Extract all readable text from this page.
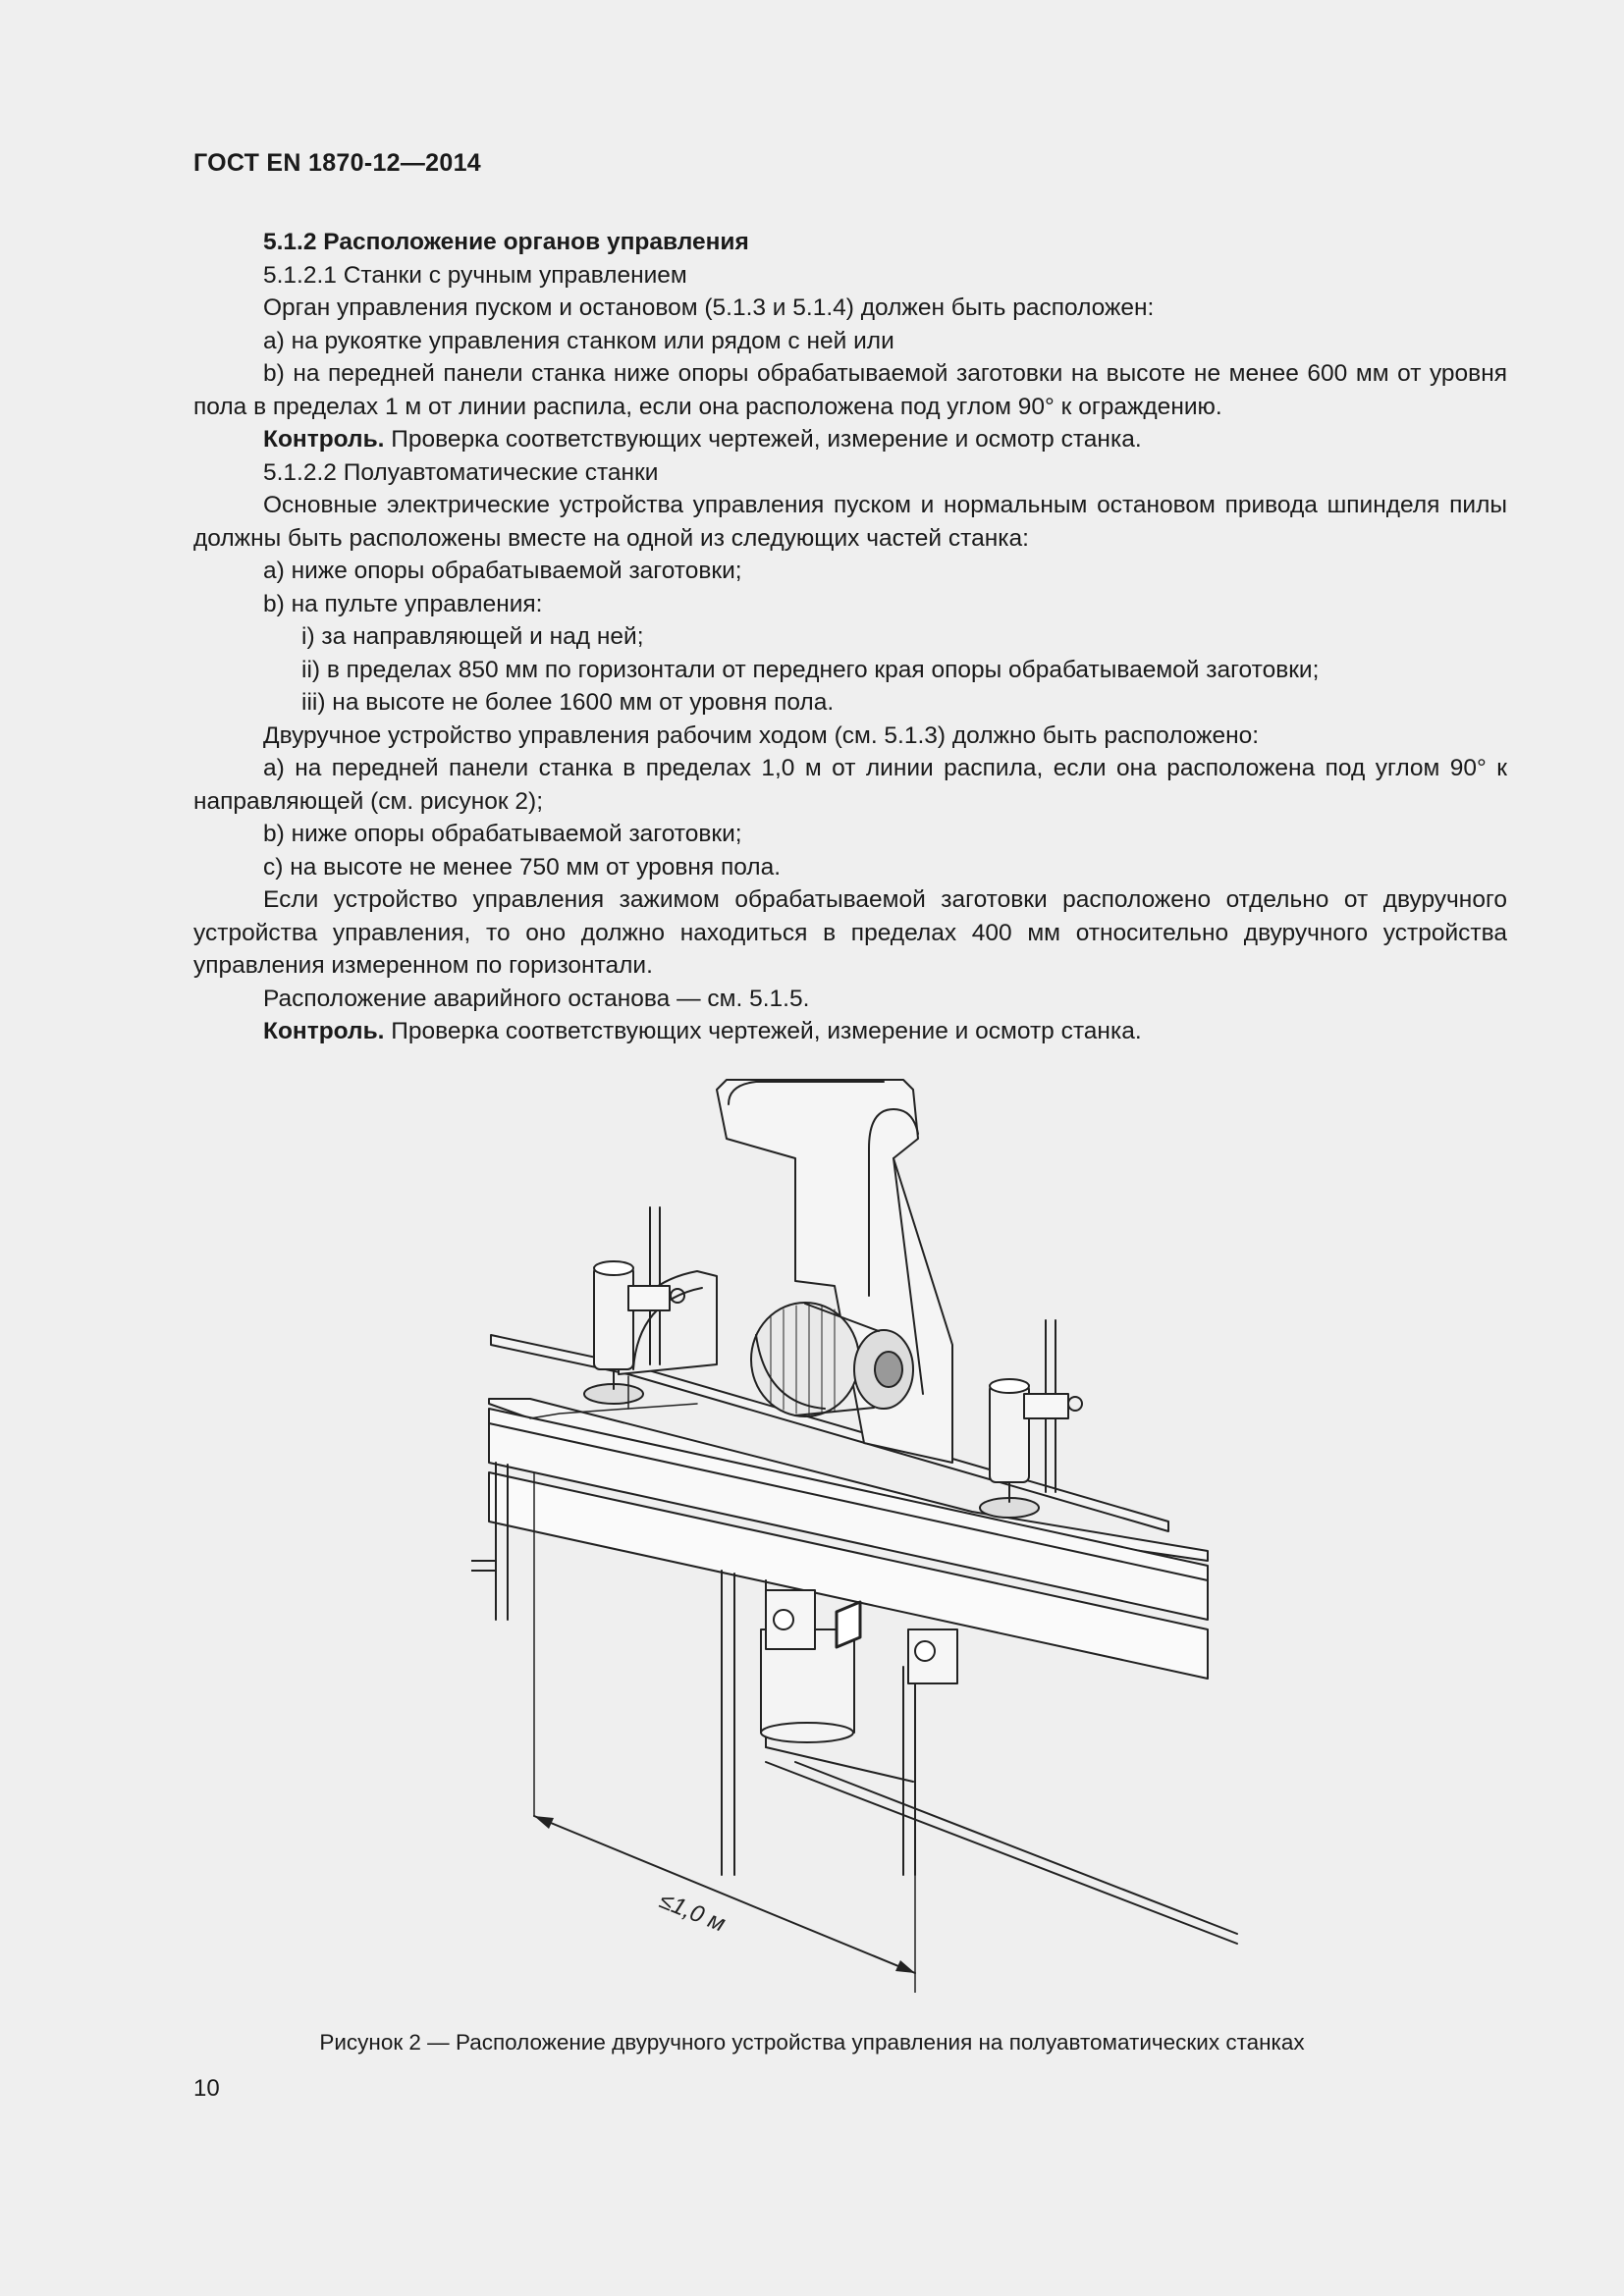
ГОСТ EN 1870-12—2014

5.1.2 Расположение органов управления

5.1.2.1 Станки с ручным управлением

Орган управления пуском и остановом (5.1.3 и 5.1.4) должен быть расположен:

a) на рукоятке управления станком или рядом с ней или

b) на передней панели станка ниже опоры обрабатываемой заготовки на высоте не менее 600 мм от уровня пола в пределах 1 м от линии распила, если она расположена под углом 90° к ограждению.

Контроль. Проверка соответствующих чертежей, измерение и осмотр станка.

5.1.2.2 Полуавтоматические станки

Основные электрические устройства управления пуском и нормальным остановом привода шпинделя пилы должны быть расположены вместе на одной из следующих частей станка:

a) ниже опоры обрабатываемой заготовки;

b) на пульте управления:

i) за направляющей и над ней;

ii) в пределах 850 мм по горизонтали от переднего края опоры обрабатываемой заготовки;

iii) на высоте не более 1600 мм от уровня пола.

Двуручное устройство управления рабочим ходом (см. 5.1.3) должно быть расположено:

a) на передней панели станка в пределах 1,0 м от линии распила, если она расположена под углом 90° к направляющей (см. рисунок 2);

b) ниже опоры обрабатываемой заготовки;

c) на высоте не менее 750 мм от уровня пола.

Если устройство управления зажимом обрабатываемой заготовки расположено отдельно от двуручного устройства управления, то оно должно находиться в пределах 400 мм относительно двуручного устройства управления измеренном по горизонтали.

Расположение аварийного останова — см. 5.1.5.

Контроль. Проверка соответствующих чертежей, измерение и осмотр станка.

≤1,0 м
Рисунок 2 — Расположение двуручного устройства управления на полуавтоматических станках
10
